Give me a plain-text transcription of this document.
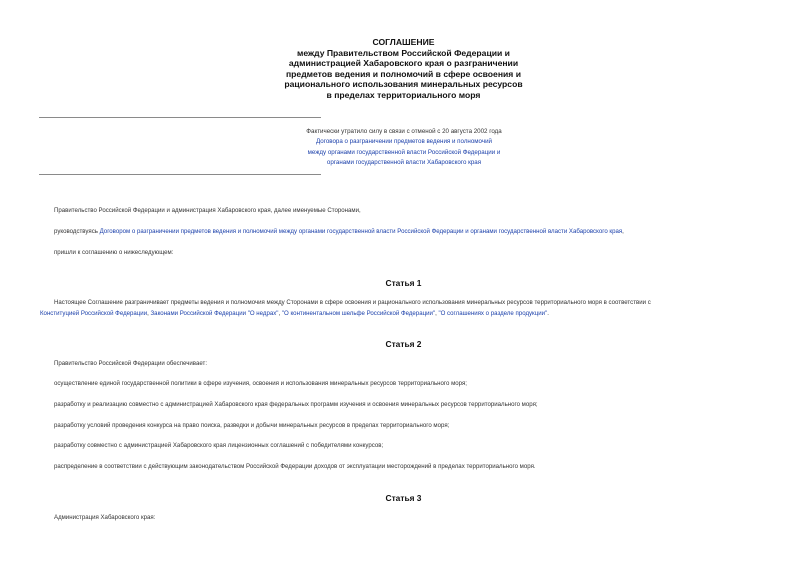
СОГЛАШЕНИЕ
между Правительством Российской Федерации и
администрацией Хабаровского края о разграничении
предметов ведения и полномочий в сфере освоения и
рационального использования минеральных ресурсов
в пределах территориального моря
Фактически утратило силу в связи с отменой с 20 августа 2002 года
Договора о разграничении предметов ведения и полномочий
между органами государственной власти Российской Федерации и
органами государственной власти Хабаровского края
Правительство Российской Федерации и администрация Хабаровского края, далее именуемые Сторонами,
руководствуясь Договором о разграничении предметов ведения и полномочий между органами государственной власти Российской Федерации и органами государственной власти Хабаровского края,
пришли к соглашению о нижеследующем:
Статья 1
Настоящее Соглашение разграничивает предметы ведения и полномочия между Сторонами в сфере освоения и рационального использования минеральных ресурсов территориального моря в соответствии с
Конституцией Российской Федерации, Законами Российской Федерации "О недрах", "О континентальном шельфе Российской Федерации", "О соглашениях о разделе продукции".
Статья 2
Правительство Российской Федерации обеспечивает:
осуществление единой государственной политики в сфере изучения, освоения и использования минеральных ресурсов территориального моря;
разработку и реализацию совместно с администрацией Хабаровского края федеральных программ изучения и освоения минеральных ресурсов территориального моря;
разработку условий проведения конкурса на право поиска, разведки и добычи минеральных ресурсов в пределах территориального моря;
разработку совместно с администрацией Хабаровского края лицензионных соглашений с победителями конкурсов;
распределение в соответствии с действующим законодательством Российской Федерации доходов от эксплуатации месторождений в пределах территориального моря.
Статья 3
Администрация Хабаровского края:
